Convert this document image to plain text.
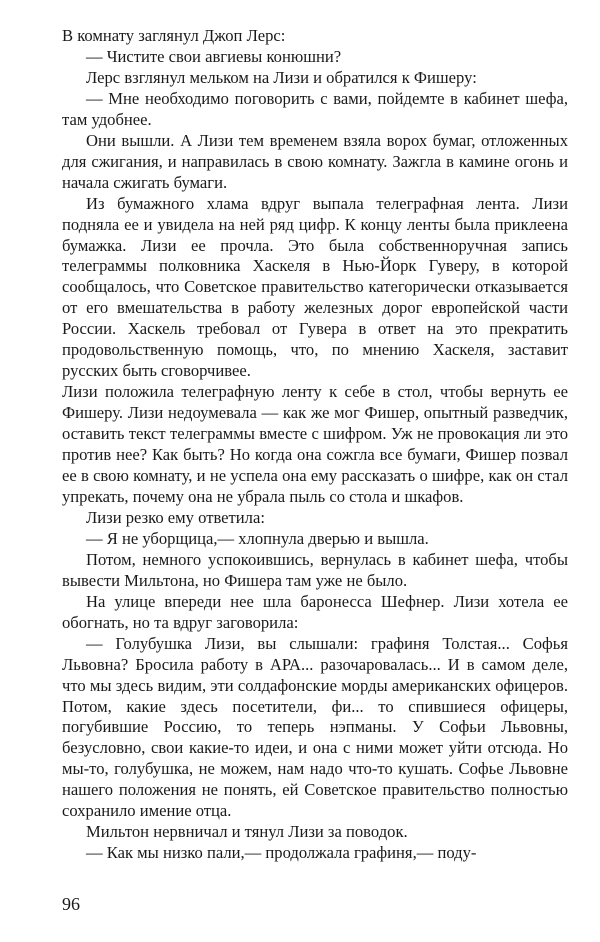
В комнату заглянул Джоп Лерс:

— Чистите свои авгиевы конюшни?

Лерс взглянул мельком на Лизи и обратился к Фишеру:

— Мне необходимо поговорить с вами, пойдемте в кабинет шефа, там удобнее.

Они вышли. А Лизи тем временем взяла ворох бумаг, отложенных для сжигания, и направилась в свою комнату. Зажгла в камине огонь и начала сжигать бумаги.

Из бумажного хлама вдруг выпала телеграфная лента. Лизи подняла ее и увидела на ней ряд цифр. К концу ленты была приклеена бумажка. Лизи ее прочла. Это была собственноручная запись телеграммы полковника Хаскеля в Нью-Йорк Гуверу, в которой сообщалось, что Советское правительство категорически отказывается от его вмешательства в работу железных дорог европейской части России. Хаскель требовал от Гувера в ответ на это прекратить продовольственную помощь, что, по мнению Хаскеля, заставит русских быть сговорчивее.

Лизи положила телеграфную ленту к себе в стол, чтобы вернуть ее Фишеру. Лизи недоумевала — как же мог Фишер, опытный разведчик, оставить текст телеграммы вместе с шифром. Уж не провокация ли это против нее? Как быть? Но когда она сожгла все бумаги, Фишер позвал ее в свою комнату, и не успела она ему рассказать о шифре, как он стал упрекать, почему она не убрала пыль со стола и шкафов.

Лизи резко ему ответила:

— Я не уборщица,— хлопнула дверью и вышла.

Потом, немного успокоившись, вернулась в кабинет шефа, чтобы вывести Мильтона, но Фишера там уже не было.

На улице впереди нее шла баронесса Шефнер. Лизи хотела ее обогнать, но та вдруг заговорила:

— Голубушка Лизи, вы слышали: графиня Толстая... Софья Львовна? Бросила работу в АРА... разочаровалась... И в самом деле, что мы здесь видим, эти солдафонские морды американских офицеров. Потом, какие здесь посетители, фи... то спившиеся офицеры, погубившие Россию, то теперь нэпманы. У Софьи Львовны, безусловно, свои какие-то идеи, и она с ними может уйти отсюда. Но мы-то, голубушка, не можем, нам надо что-то кушать. Софье Львовне нашего положения не понять, ей Советское правительство полностью сохранило имение отца.

Мильтон нервничал и тянул Лизи за поводок.

— Как мы низко пали,— продолжала графиня,— поду-

96
